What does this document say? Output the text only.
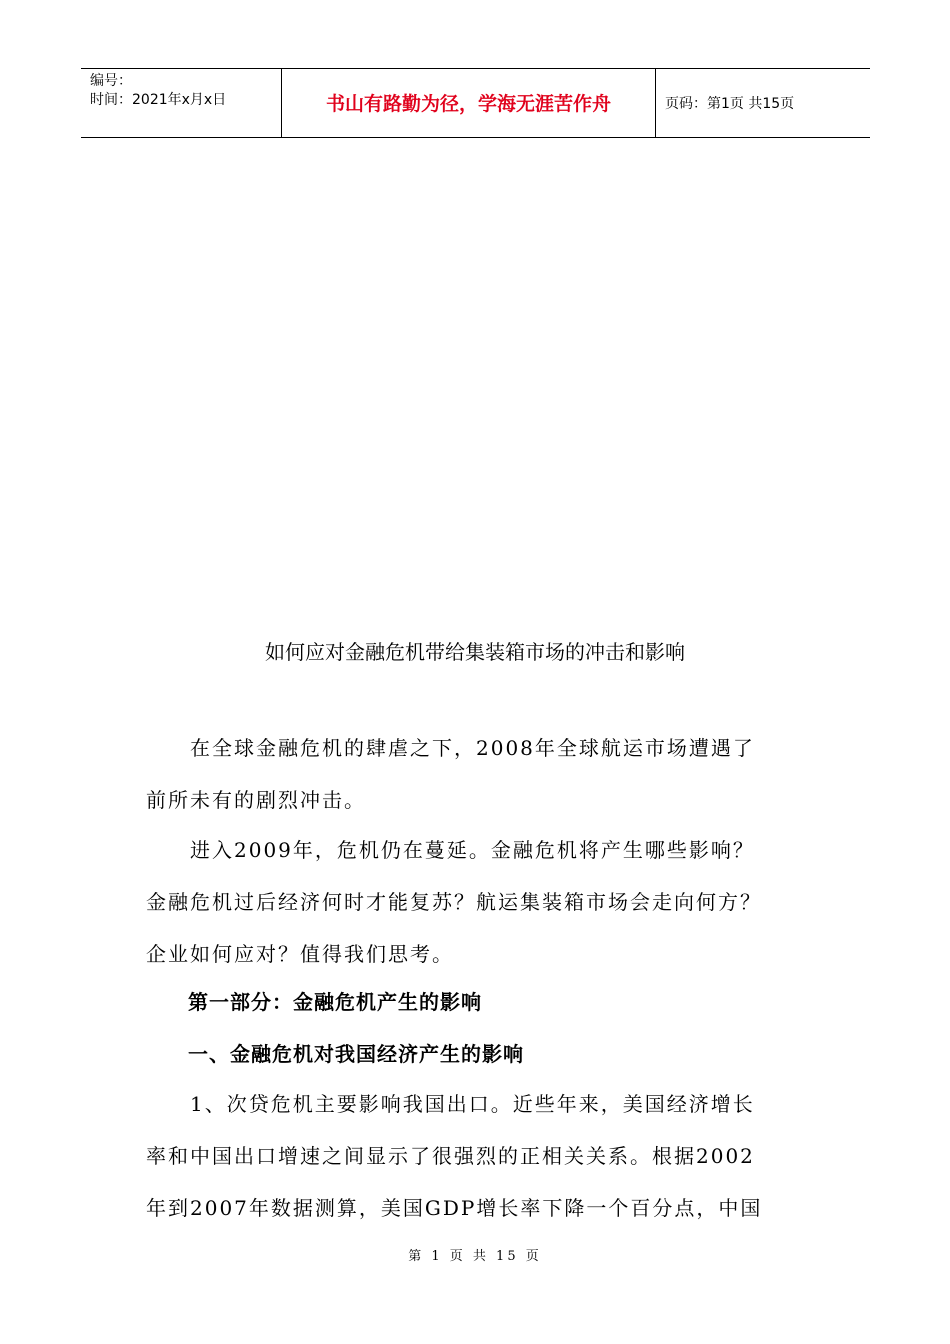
编号：
时间：2021年x月x日	书山有路勤为径，学海无涯苦作舟	页码：第1页 共15页
如何应对金融危机带给集装箱市场的冲击和影响
　　在全球金融危机的肆虐之下，2008年全球航运市场遭遇了
前所未有的剧烈冲击。
　　进入2009年，危机仍在蔓延。金融危机将产生哪些影响？
金融危机过后经济何时才能复苏？航运集装箱市场会走向何方？
企业如何应对？值得我们思考。
　　第一部分：金融危机产生的影响
　　一、金融危机对我国经济产生的影响
　　1、次贷危机主要影响我国出口。近些年来，美国经济增长
率和中国出口增速之间显示了很强烈的正相关关系。根据2002
年到2007年数据测算，美国GDP增长率下降一个百分点，中国
第 1 页 共 15 页
